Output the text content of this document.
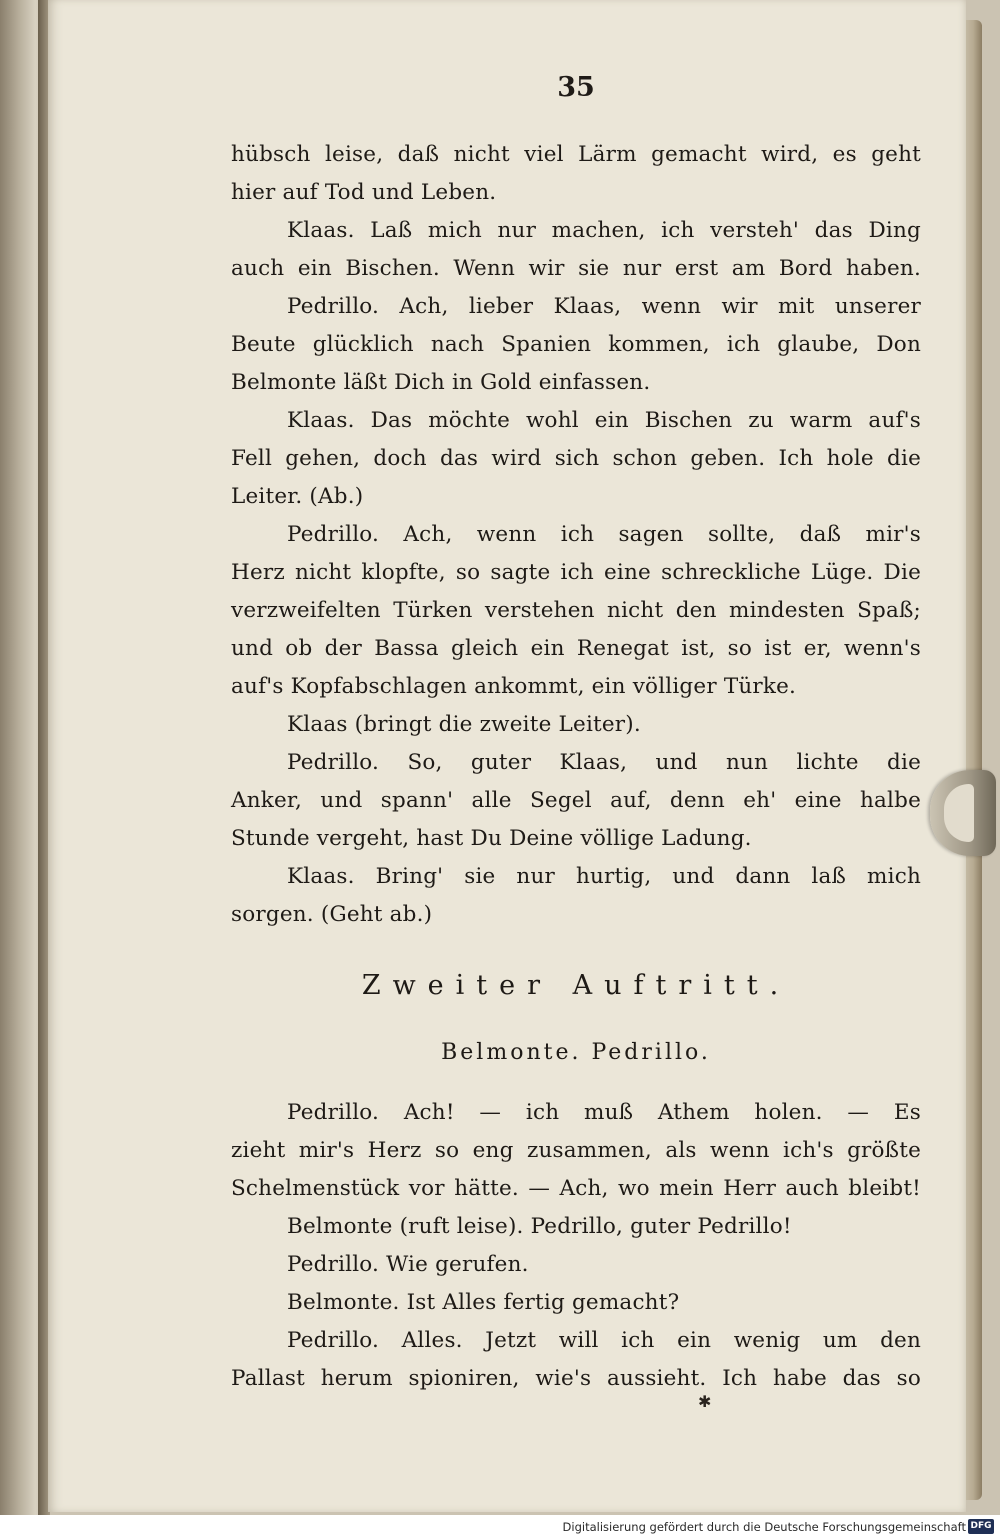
35
hübsch leise, daß nicht viel Lärm gemacht wird, es geht
hier auf Tod und Leben.
Klaas. Laß mich nur machen, ich versteh' das Ding
auch ein Bischen. Wenn wir sie nur erst am Bord haben.
Pedrillo. Ach, lieber Klaas, wenn wir mit unserer
Beute glücklich nach Spanien kommen, ich glaube, Don
Belmonte läßt Dich in Gold einfassen.
Klaas. Das möchte wohl ein Bischen zu warm auf's
Fell gehen, doch das wird sich schon geben. Ich hole die
Leiter. (Ab.)
Pedrillo. Ach, wenn ich sagen sollte, daß mir's
Herz nicht klopfte, so sagte ich eine schreckliche Lüge. Die
verzweifelten Türken verstehen nicht den mindesten Spaß;
und ob der Bassa gleich ein Renegat ist, so ist er, wenn's
auf's Kopfabschlagen ankommt, ein völliger Türke.
Klaas (bringt die zweite Leiter).
Pedrillo. So, guter Klaas, und nun lichte die
Anker, und spann' alle Segel auf, denn eh' eine halbe
Stunde vergeht, hast Du Deine völlige Ladung.
Klaas. Bring' sie nur hurtig, und dann laß mich
sorgen. (Geht ab.)
Zweiter Auftritt.
Belmonte. Pedrillo.
Pedrillo. Ach! — ich muß Athem holen. — Es
zieht mir's Herz so eng zusammen, als wenn ich's größte
Schelmenstück vor hätte. — Ach, wo mein Herr auch bleibt!
Belmonte (ruft leise). Pedrillo, guter Pedrillo!
Pedrillo. Wie gerufen.
Belmonte. Ist Alles fertig gemacht?
Pedrillo. Alles. Jetzt will ich ein wenig um den
Pallast herum spioniren, wie's aussieht. Ich habe das so
✱
Digitalisierung gefördert durch die Deutsche Forschungsgemeinschaft DFG
